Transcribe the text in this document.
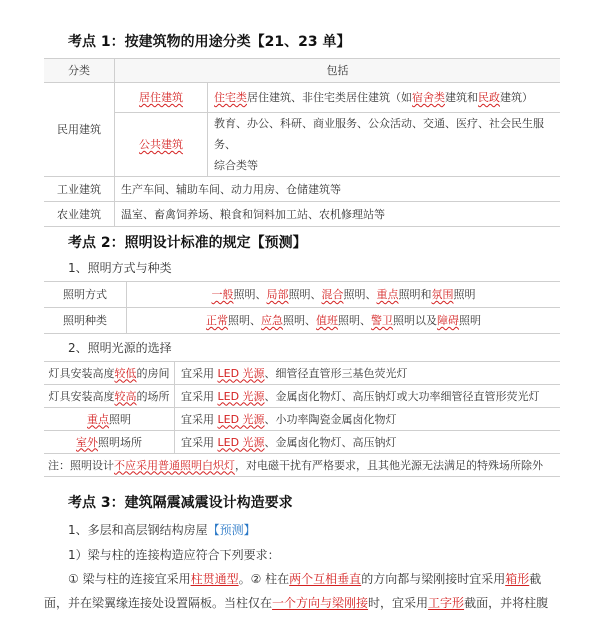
考点 1：按建筑物的用途分类【21、23 单】
分类	包括	
民用建筑	居住建筑	住宅类居住建筑、非住宅类居住建筑（如宿舍类建筑和民政建筑）
	公共建筑	教育、办公、科研、商业服务、公众活动、交通、医疗、社会民生服务、
综合类等
工业建筑	生产车间、辅助车间、动力用房、仓储建筑等	
农业建筑	温室、畜禽饲养场、粮食和饲料加工站、农机修理站等	
考点 2：照明设计标准的规定【预测】
1、照明方式与种类
照明方式	一般照明、局部照明、混合照明、重点照明和氛围照明
照明种类	正常照明、应急照明、值班照明、警卫照明以及障碍照明
2、照明光源的选择
灯具安装高度较低的房间	宜采用 LED 光源、细管径直管形三基色荧光灯
灯具安装高度较高的场所	宜采用 LED 光源、金属卤化物灯、高压钠灯或大功率细管径直管形荧光灯
重点照明	宜采用 LED 光源、小功率陶瓷金属卤化物灯
室外照明场所	宜采用 LED 光源、金属卤化物灯、高压钠灯
注：照明设计不应采用普通照明白炽灯，对电磁干扰有严格要求，且其他光源无法满足的特殊场所除外	
考点 3：建筑隔震减震设计构造要求
1、多层和高层钢结构房屋【预测】
1）梁与柱的连接构造应符合下列要求：
① 梁与柱的连接宜采用柱贯通型。② 柱在两个互相垂直的方向都与梁刚接时宜采用箱形截
面，并在梁翼缘连接处设置隔板。当柱仅在一个方向与梁刚接时，宜采用工字形截面，并将柱腹
